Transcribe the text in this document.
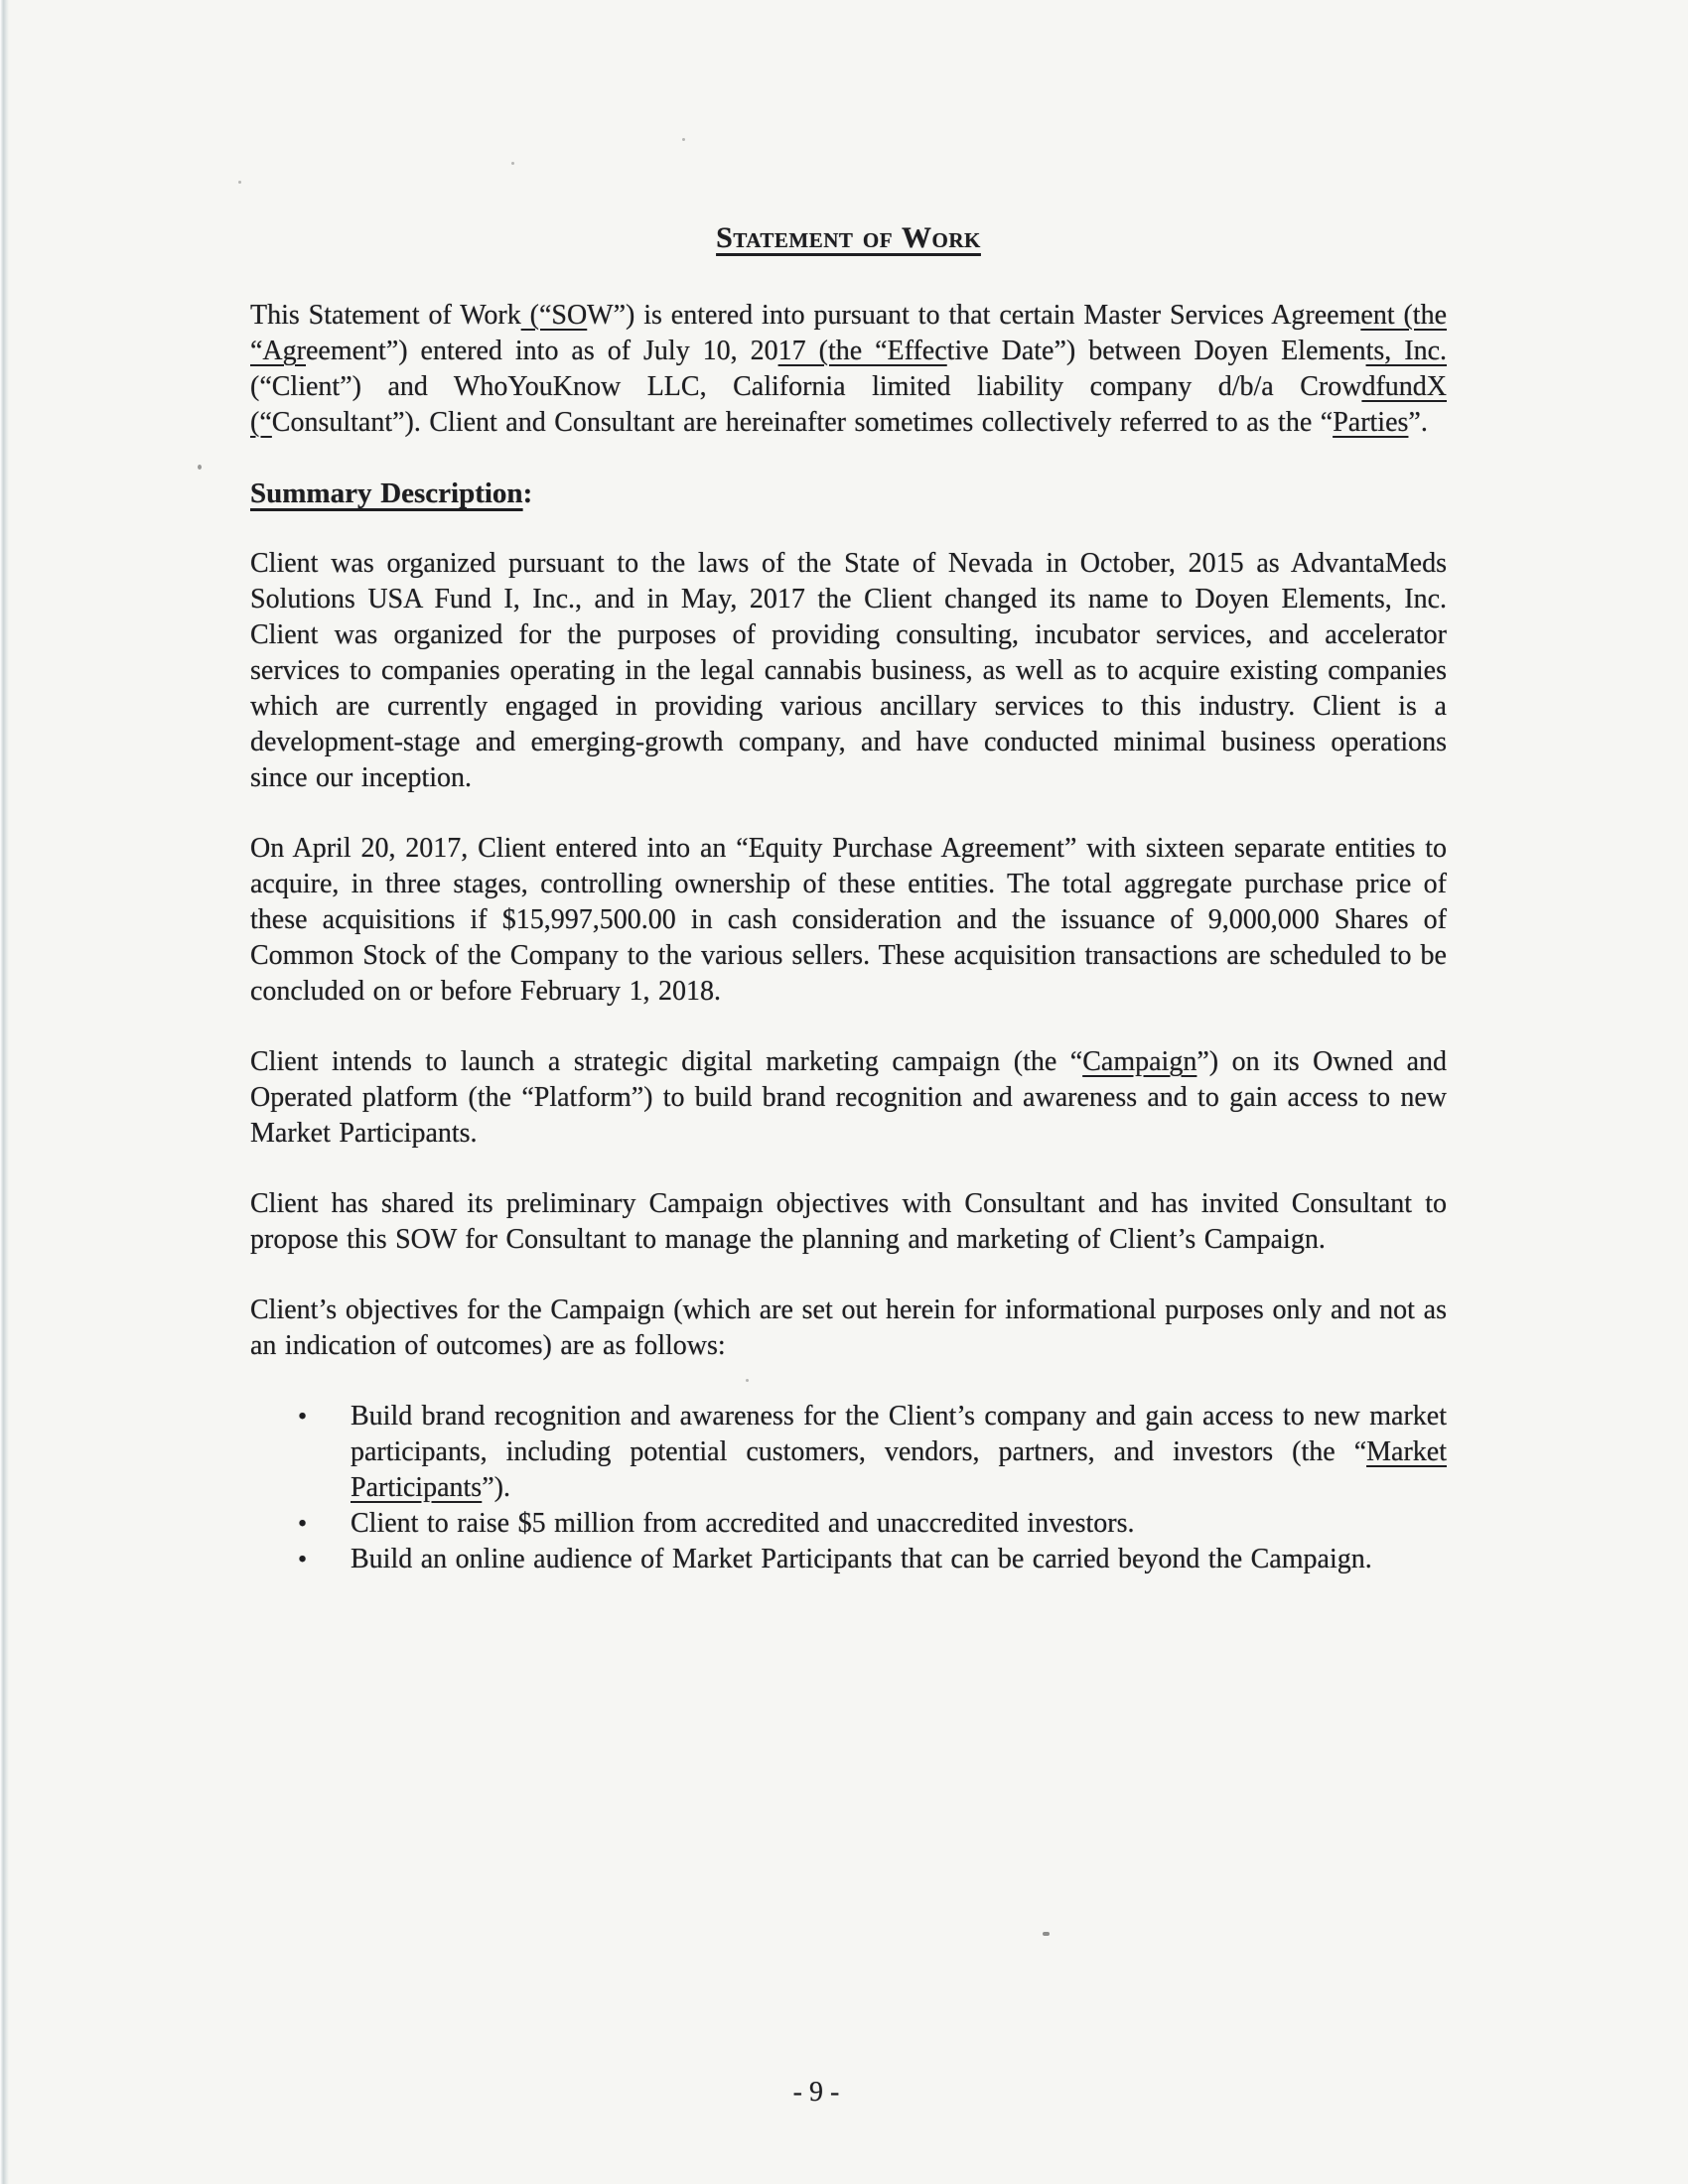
Statement of Work
This Statement of Work (“SOW”) is entered into pursuant to that certain Master Services Agreement (the “Agreement”) entered into as of July 10, 2017 (the “Effective Date”) between Doyen Elements, Inc. (“Client”) and WhoYouKnow LLC, California limited liability company d/b/a CrowdfundX (“Consultant”). Client and Consultant are hereinafter sometimes collectively referred to as the “Parties”.
Summary Description:
Client was organized pursuant to the laws of the State of Nevada in October, 2015 as AdvantaMeds Solutions USA Fund I, Inc., and in May, 2017 the Client changed its name to Doyen Elements, Inc. Client was organized for the purposes of providing consulting, incubator services, and accelerator services to companies operating in the legal cannabis business, as well as to acquire existing companies which are currently engaged in providing various ancillary services to this industry. Client is a development-stage and emerging-growth company, and have conducted minimal business operations since our inception.
On April 20, 2017, Client entered into an “Equity Purchase Agreement” with sixteen separate entities to acquire, in three stages, controlling ownership of these entities. The total aggregate purchase price of these acquisitions if $15,997,500.00 in cash consideration and the issuance of 9,000,000 Shares of Common Stock of the Company to the various sellers. These acquisition transactions are scheduled to be concluded on or before February 1, 2018.
Client intends to launch a strategic digital marketing campaign (the “Campaign”) on its Owned and Operated platform (the “Platform”) to build brand recognition and awareness and to gain access to new Market Participants.
Client has shared its preliminary Campaign objectives with Consultant and has invited Consultant to propose this SOW for Consultant to manage the planning and marketing of Client’s Campaign.
Client’s objectives for the Campaign (which are set out herein for informational purposes only and not as an indication of outcomes) are as follows:
• Build brand recognition and awareness for the Client’s company and gain access to new market participants, including potential customers, vendors, partners, and investors (the “Market Participants”).
• Client to raise $5 million from accredited and unaccredited investors.
• Build an online audience of Market Participants that can be carried beyond the Campaign.
- 9 -
